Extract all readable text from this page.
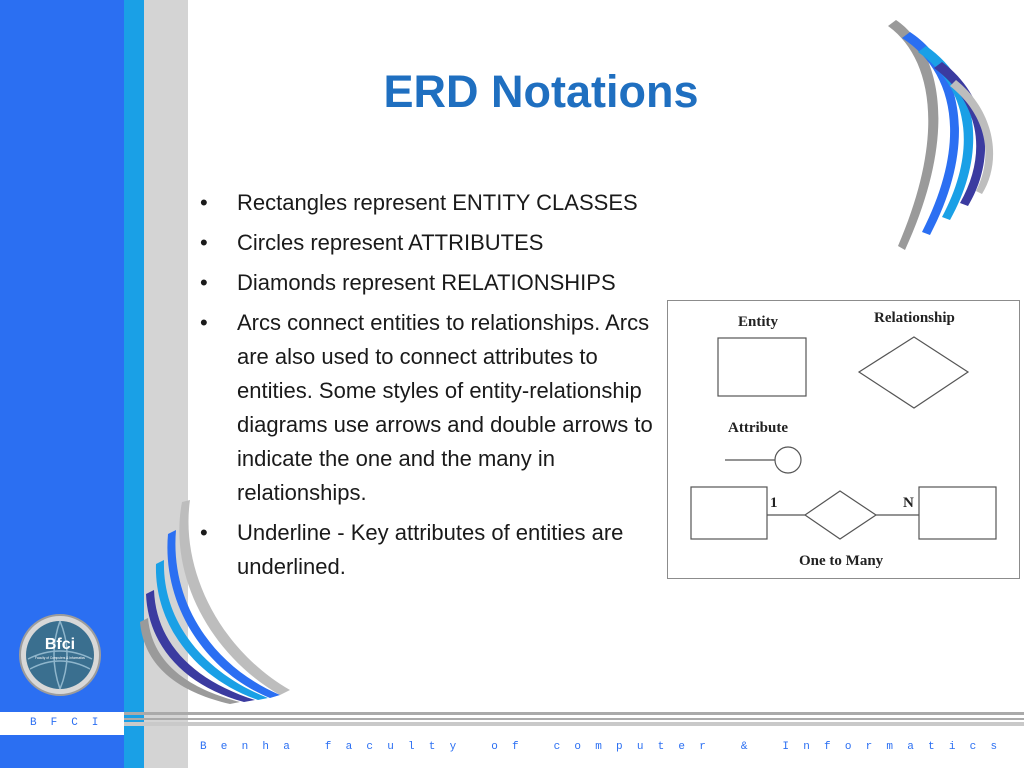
Bfci
Faculty of Computers & Informatics
ERD Notations
• Rectangles represent ENTITY CLASSES
• Circles represent ATTRIBUTES
• Diamonds represent RELATIONSHIPS
• Arcs connect entities to relationships. Arcs are also used to connect attributes to entities. Some styles of entity-relationship diagrams use arrows and double arrows to indicate the one and the many in relationships.
• Underline - Key attributes of entities are underlined.
Entity	Relationship
Attribute
1	N
One to Many
BFCI
Benha faculty of computer & Informatics
